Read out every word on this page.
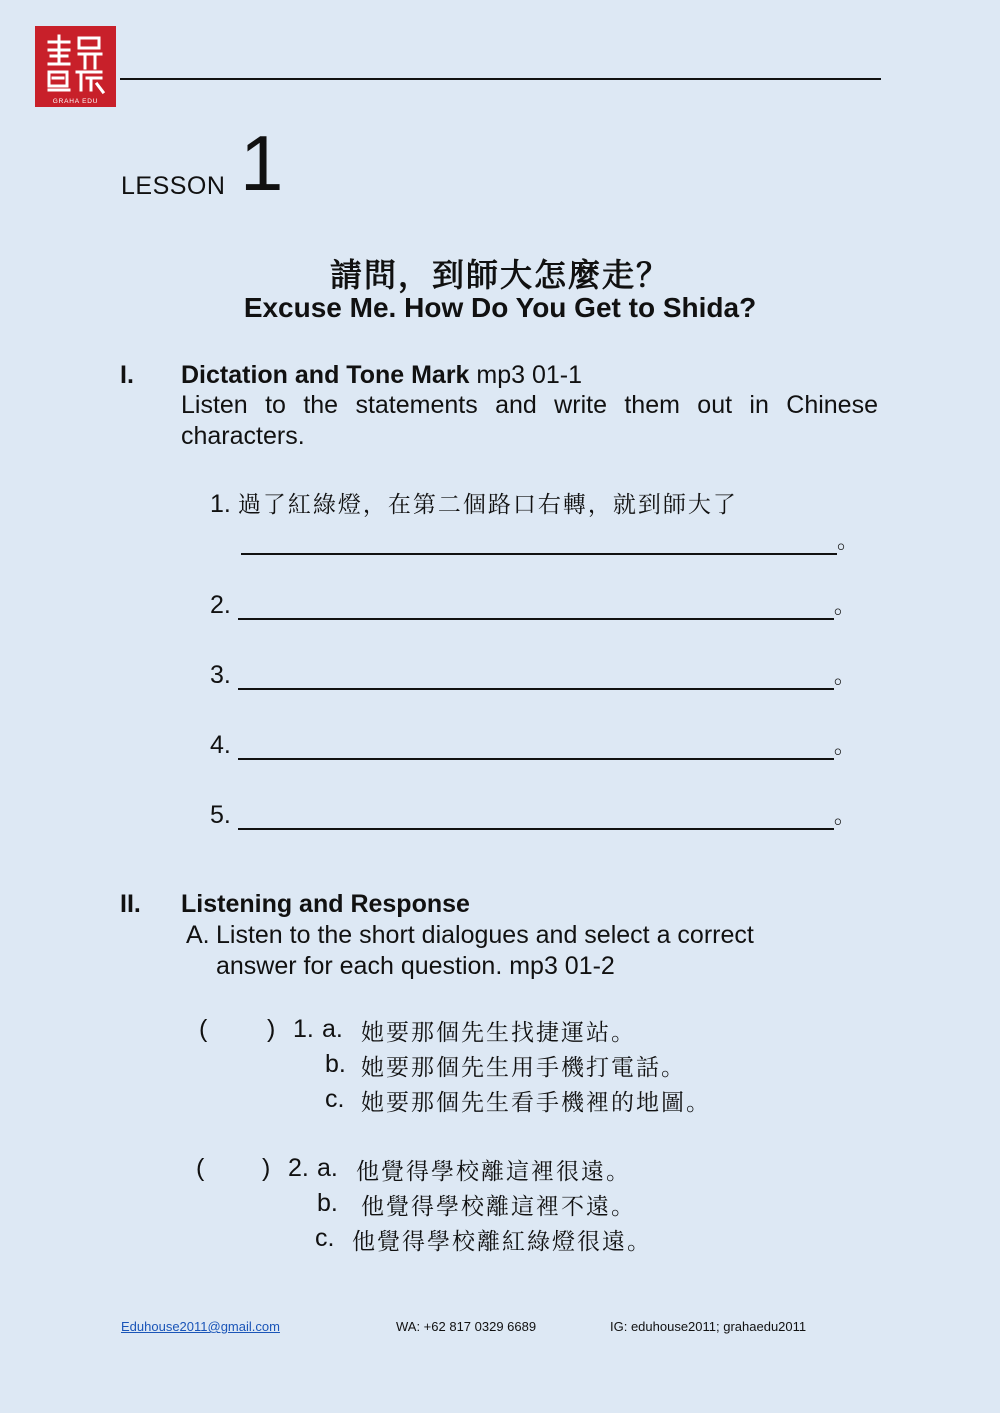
GRAHA EDU
LESSON 1
請問，到師大怎麼走？
Excuse Me. How Do You Get to Shida?
I. Dictation and Tone Mark mp3 01-1
Listen to the statements and write them out in Chinese characters.
1. 過了紅綠燈，在第二個路口右轉，就到師大了
。
2.	。
3.	。
4.	。
5.	。
II. Listening and Response
A. Listen to the short dialogues and select a correct
answer for each question. mp3 01-2
( ) 1. a. 她要那個先生找捷運站。
b. 她要那個先生用手機打電話。
c. 她要那個先生看手機裡的地圖。
( ) 2. a. 他覺得學校離這裡很遠。
b. 他覺得學校離這裡不遠。
c. 他覺得學校離紅綠燈很遠。
Eduhouse2011@gmail.com	WA: +62 817 0329 6689	IG: eduhouse2011; grahaedu2011
